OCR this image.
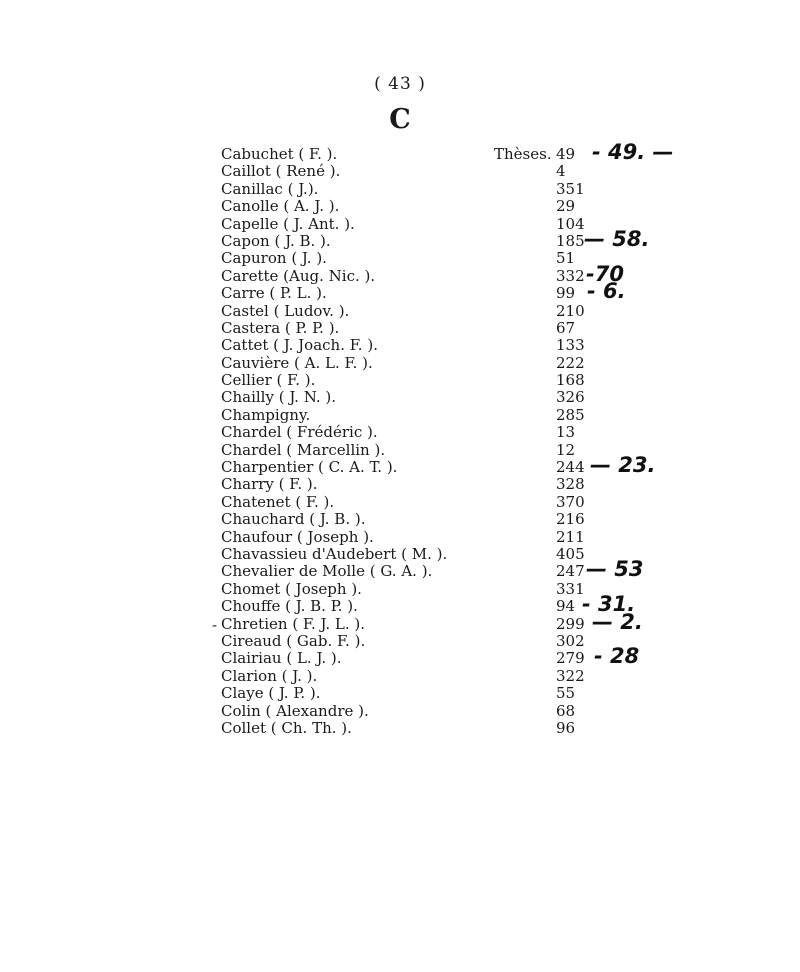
( 43 )
C
Cabuchet ( F. ).	Thèses. 49 - 49. —
Caillot ( René ).	4
Canillac ( J.).	351
Canolle ( A. J. ).	29
Capelle ( J. Ant. ).	104
Capon ( J. B. ).	185 — 58.
Capuron ( J. ).	51
Carette (Aug. Nic. ).	332 -70
Carre ( P. L. ).	99 - 6.
Castel ( Ludov. ).	210
Castera ( P. P. ).	67
Cattet ( J. Joach. F. ).	133
Cauvière ( A. L. F. ).	222
Cellier ( F. ).	168
Chailly ( J. N. ).	326
Champigny.	285
Chardel ( Frédéric ).	13
Chardel ( Marcellin ).	12
Charpentier ( C. A. T. ).	244 — 23.
Charry ( F. ).	328
Chatenet ( F. ).	370
Chauchard ( J. B. ).	216
Chaufour ( Joseph ).	211
Chavassieu d'Audebert ( M. ).	405
Chevalier de Molle ( G. A. ).	247 — 53
Chomet ( Joseph ).	331
Chouffe ( J. B. P. ).	94 - 31.
- Chretien ( F. J. L. ).	299 — 2.
Cireaud ( Gab. F. ).	302
Clairiau ( L. J. ).	279 - 28
Clarion ( J. ).	322
Claye ( J. P. ).	55
Colin ( Alexandre ).	68
Collet ( Ch. Th. ).	96
